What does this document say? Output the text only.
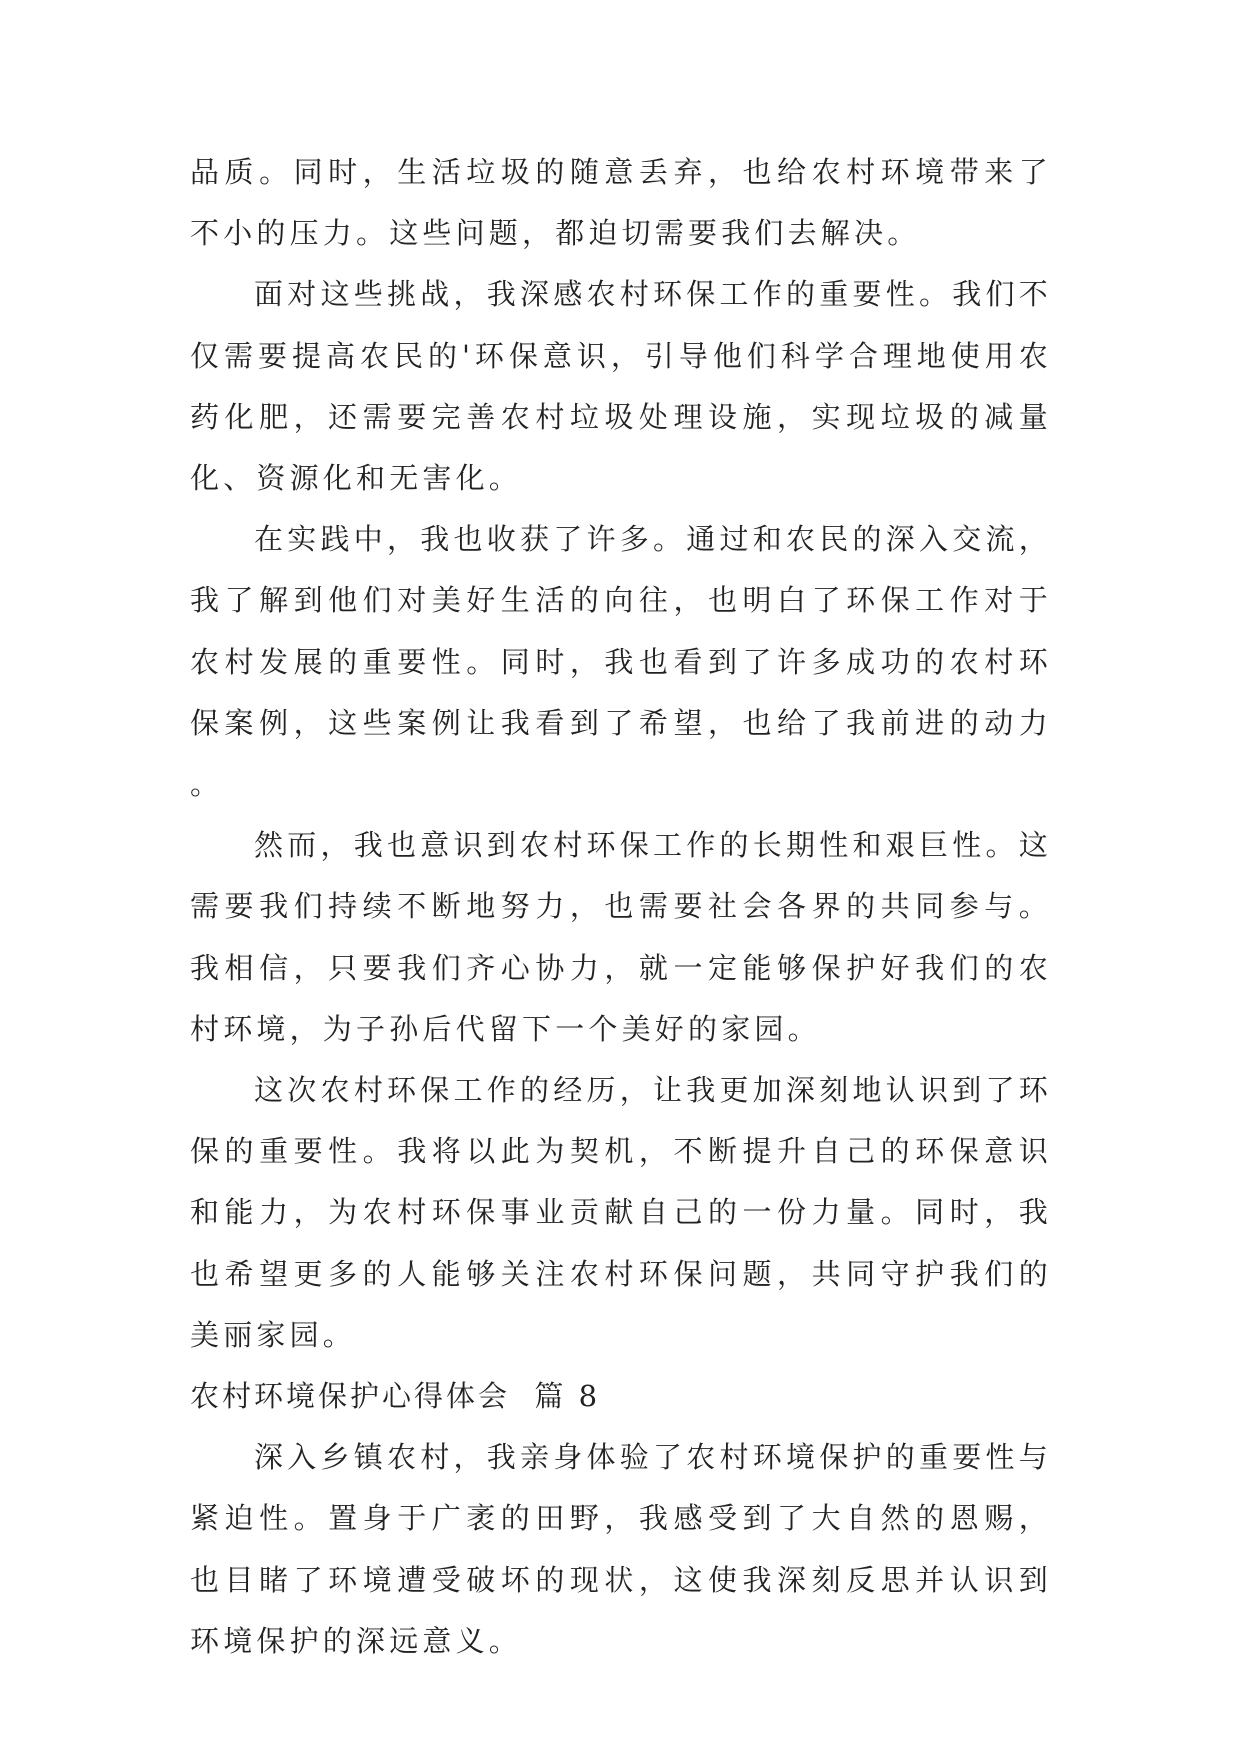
品质。同时，生活垃圾的随意丢弃，也给农村环境带来了不小的压力。这些问题，都迫切需要我们去解决。

面对这些挑战，我深感农村环保工作的重要性。我们不仅需要提高农民的'环保意识，引导他们科学合理地使用农药化肥，还需要完善农村垃圾处理设施，实现垃圾的减量化、资源化和无害化。

在实践中，我也收获了许多。通过和农民的深入交流，我了解到他们对美好生活的向往，也明白了环保工作对于农村发展的重要性。同时，我也看到了许多成功的农村环保案例，这些案例让我看到了希望，也给了我前进的动力。

然而，我也意识到农村环保工作的长期性和艰巨性。这需要我们持续不断地努力，也需要社会各界的共同参与。我相信，只要我们齐心协力，就一定能够保护好我们的农村环境，为子孙后代留下一个美好的家园。

这次农村环保工作的经历，让我更加深刻地认识到了环保的重要性。我将以此为契机，不断提升自己的环保意识和能力，为农村环保事业贡献自己的一份力量。同时，我也希望更多的人能够关注农村环保问题，共同守护我们的美丽家园。

农村环境保护心得体会  篇 8

深入乡镇农村，我亲身体验了农村环境保护的重要性与紧迫性。置身于广袤的田野，我感受到了大自然的恩赐，也目睹了环境遭受破坏的现状，这使我深刻反思并认识到环境保护的深远意义。
